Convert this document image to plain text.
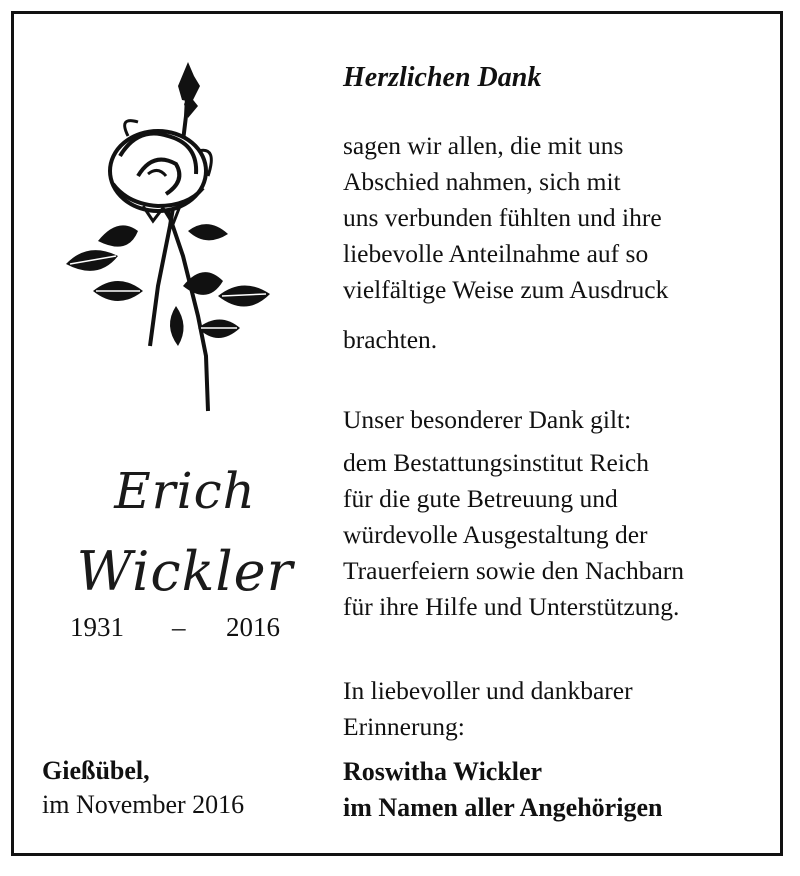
Erich
Wickler
1931 – 2016
Gießübel,
im November 2016
Herzlichen Dank
sagen wir allen, die mit uns
Abschied nahmen, sich mit
uns verbunden fühlten und ihre
liebevolle Anteilnahme auf so
vielfältige Weise zum Ausdruck
brachten.
Unser besonderer Dank gilt:
dem Bestattungsinstitut Reich
für die gute Betreuung und
würdevolle Ausgestaltung der
Trauerfeiern sowie den Nachbarn
für ihre Hilfe und Unterstützung.
In liebevoller und dankbarer
Erinnerung:
Roswitha Wickler
im Namen aller Angehörigen
